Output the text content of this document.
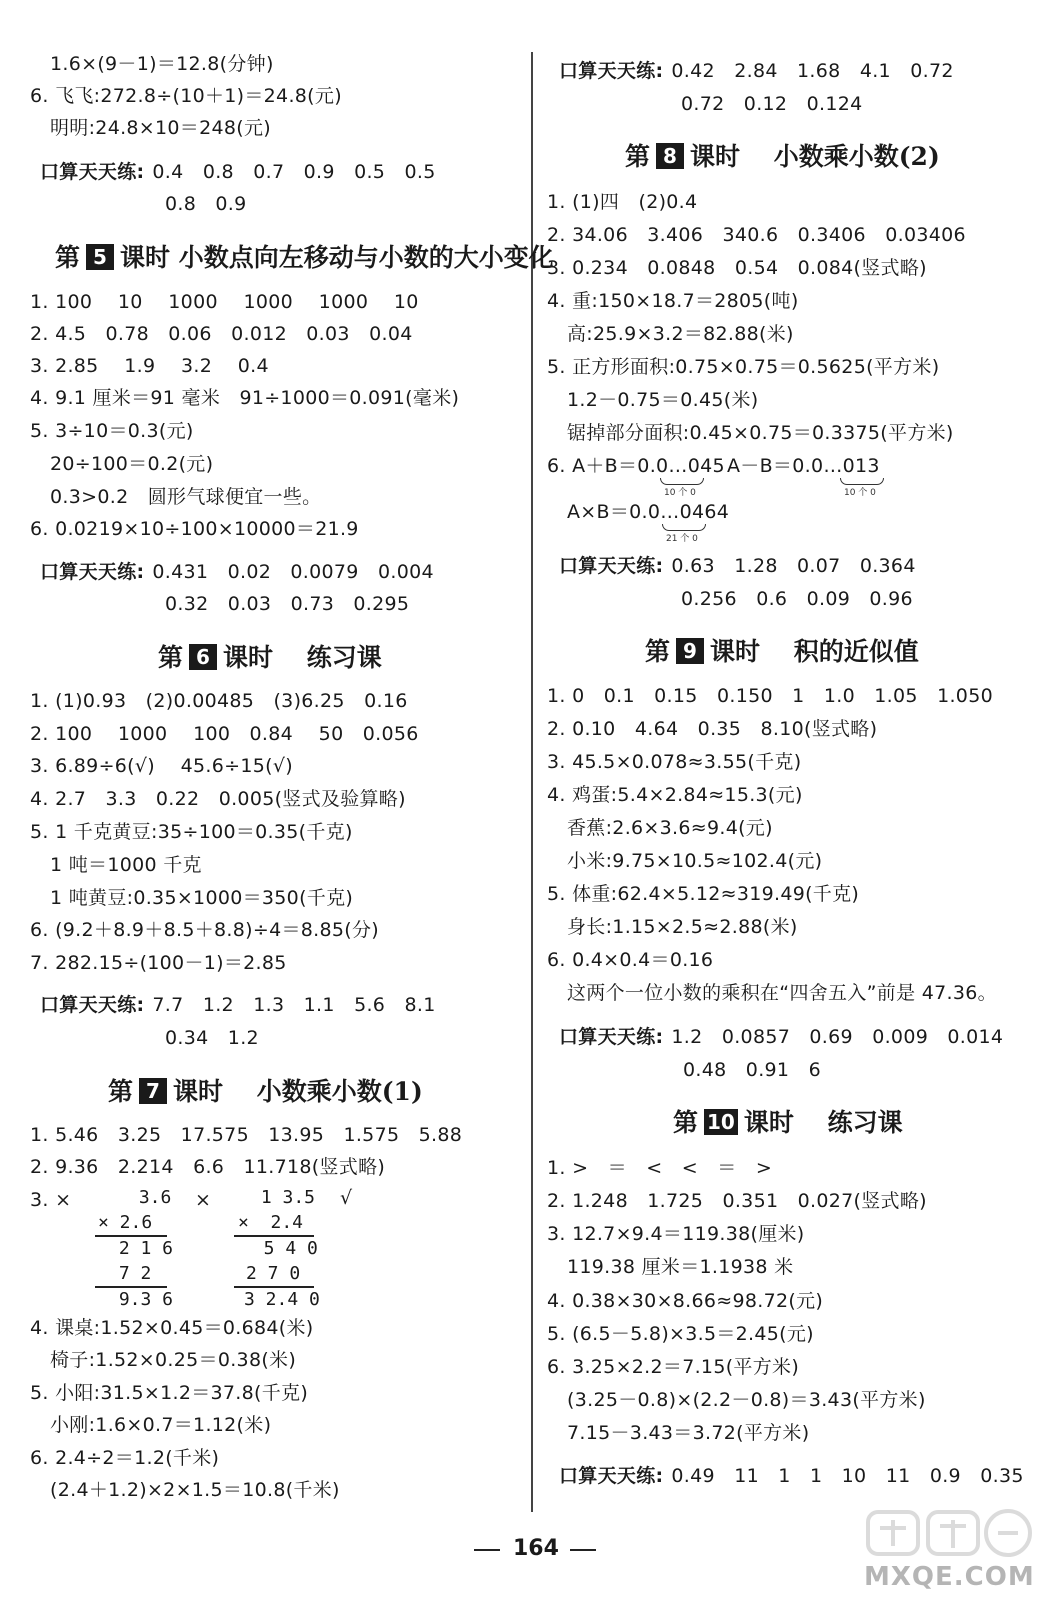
1.6×(9－1)＝12.8(分钟)
6. 飞飞:272.8÷(10＋1)＝24.8(元)
明明:24.8×10＝248(元)
口算天天练: 0.4　0.8　0.7　0.9　0.5　0.5
0.8　0.9
第 5 课时 小数点向左移动与小数的大小变化
1. 100　 10　 1000　 1000　 1000　 10
2. 4.5　0.78　0.06　0.012　0.03　0.04
3. 2.85　 1.9　 3.2　 0.4
4. 9.1 厘米＝91 毫米　91÷1000＝0.091(毫米)
5. 3÷10＝0.3(元)
20÷100＝0.2(元)
0.3>0.2　圆形气球便宜一些。
6. 0.0219×10÷100×10000＝21.9
口算天天练: 0.431　0.02　0.0079　0.004
0.32　0.03　0.73　0.295
第 6 课时　 练习课
1. (1)0.93　(2)0.00485　(3)6.25　0.16
2. 100　 1000　 100　0.84　 50　0.056
3. 6.89÷6(√)　 45.6÷15(√)
4. 2.7　3.3　0.22　0.005(竖式及验算略)
5. 1 千克黄豆:35÷100＝0.35(千克)
1 吨＝1000 千克
1 吨黄豆:0.35×1000＝350(千克)
6. (9.2＋8.9＋8.5＋8.8)÷4＝8.85(分)
7. 282.15÷(100－1)＝2.85
口算天天练: 7.7　1.2　1.3　1.1　5.6　8.1
0.34　1.2
第 7 课时　 小数乘小数(1)
1. 5.46　3.25　17.575　13.95　1.575　5.88
2. 9.36　2.214　6.6　11.718(竖式略)
3. ×	×	√
3.6
× 2.6
2 1 6
7 2
9.3 6
1 3.5
×  2.4
5 4 0
2 7 0
3 2.4 0
4. 课桌:1.52×0.45＝0.684(米)
椅子:1.52×0.25＝0.38(米)
5. 小阳:31.5×1.2＝37.8(千克)
小刚:1.6×0.7＝1.12(米)
6. 2.4÷2＝1.2(千米)
(2.4＋1.2)×2×1.5＝10.8(千米)
口算天天练: 0.42　2.84　1.68　4.1　0.72
0.72　0.12　0.124
第 8 课时　 小数乘小数(2)
1. (1)四　(2)0.4
2. 34.06　3.406　340.6　0.3406　0.03406
3. 0.234　0.0848　0.54　0.084(竖式略)
4. 重:150×18.7＝2805(吨)
高:25.9×3.2＝82.88(米)
5. 正方形面积:0.75×0.75＝0.5625(平方米)
1.2－0.75＝0.45(米)
锯掉部分面积:0.45×0.75＝0.3375(平方米)
6. A＋B＝0.0…045
10 个 0
A－B＝0.0…013
10 个 0
A×B＝0.0…0464
21 个 0
口算天天练: 0.63　1.28　0.07　0.364
0.256　0.6　0.09　0.96
第 9 课时　 积的近似值
1. 0　0.1　0.15　0.150　1　1.0　1.05　1.050
2. 0.10　4.64　0.35　8.10(竖式略)
3. 45.5×0.078≈3.55(千克)
4. 鸡蛋:5.4×2.84≈15.3(元)
香蕉:2.6×3.6≈9.4(元)
小米:9.75×10.5≈102.4(元)
5. 体重:62.4×5.12≈319.49(千克)
身长:1.15×2.5≈2.88(米)
6. 0.4×0.4＝0.16
这两个一位小数的乘积在“四舍五入”前是 47.36。
口算天天练: 1.2　0.0857　0.69　0.009　0.014
0.48　0.91　6
第 10 课时　 练习课
1. >　＝　<　<　＝　>
2. 1.248　1.725　0.351　0.027(竖式略)
3. 12.7×9.4＝119.38(厘米)
119.38 厘米＝1.1938 米
4. 0.38×30×8.66≈98.72(元)
5. (6.5－5.8)×3.5＝2.45(元)
6. 3.25×2.2＝7.15(平方米)
(3.25－0.8)×(2.2－0.8)＝3.43(平方米)
7.15－3.43＝3.72(平方米)
口算天天练: 0.49　11　1　1　10　11　0.9　0.35
164
MXQE.COM
